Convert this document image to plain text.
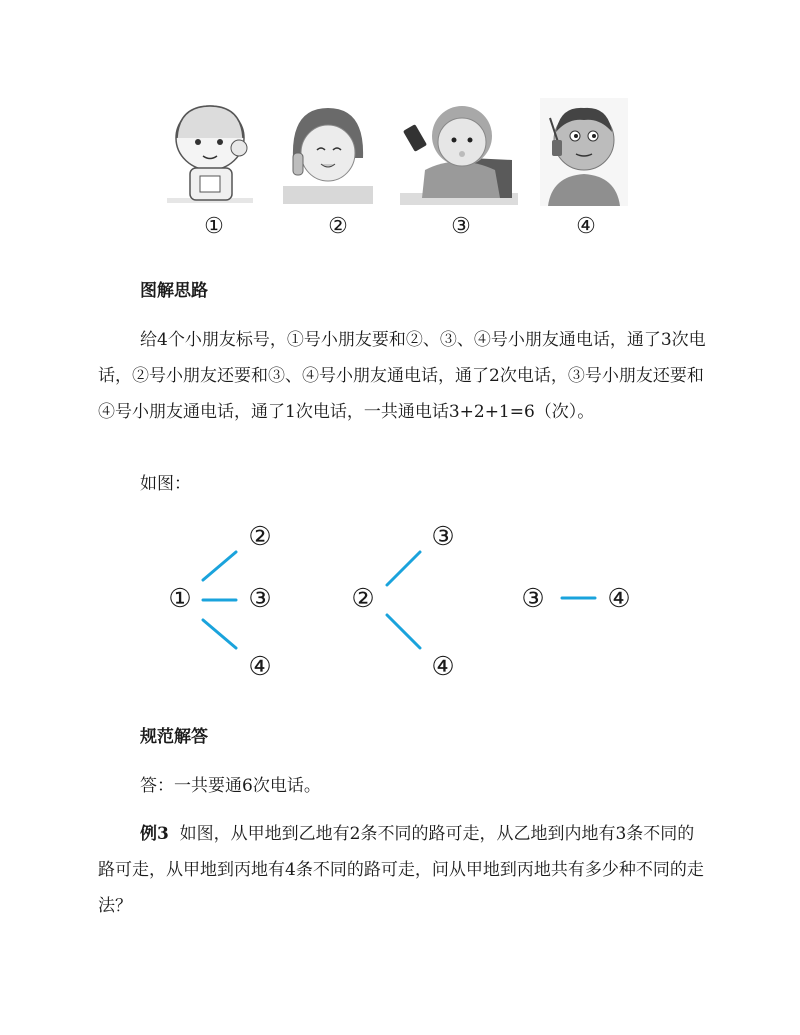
①	②	③	④
图解思路
给4个小朋友标号，①号小朋友要和②、③、④号小朋友通电话，通了3次电话，②号小朋友还要和③、④号小朋友通电话，通了2次电话，③号小朋友还要和④号小朋友通电话，通了1次电话，一共通电话3+2+1=6（次）。
如图：
①
②
③
④
②
③
④
③	④
规范解答
答：一共要通6次电话。
例3 如图，从甲地到乙地有2条不同的路可走，从乙地到内地有3条不同的路可走，从甲地到丙地有4条不同的路可走，问从甲地到丙地共有多少种不同的走法？
